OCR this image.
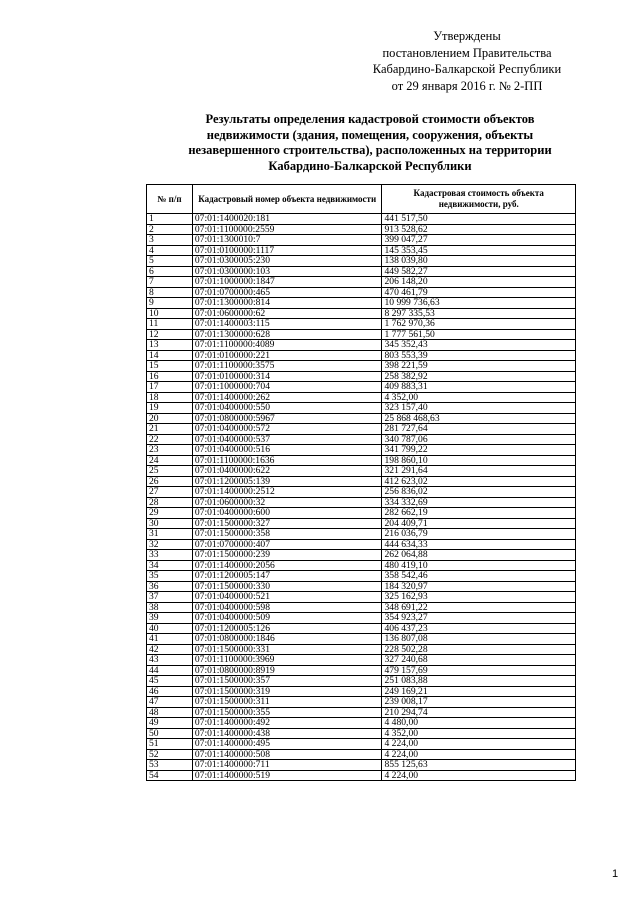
Утверждены
постановлением Правительства
Кабардино-Балкарской Республики
от 29 января 2016 г. № 2-ПП
Результаты определения кадастровой стоимости объектов
недвижимости (здания, помещения, сооружения, объекты
незавершенного строительства), расположенных на территории
Кабардино-Балкарской Республики
№ п/п	Кадастровый номер объекта недвижимости	Кадастровая стоимость объекта недвижимости, руб.
1	07:01:1400020:181	441 517,50
2	07:01:1100000:2559	913 528,62
3	07:01:1300010:7	399 047,27
4	07:01:0100000:1117	145 353,45
5	07:01:0300005:230	138 039,80
6	07:01:0300000:103	449 582,27
7	07:01:1000000:1847	206 148,20
8	07:01:0700000:465	470 461,79
9	07:01:1300000:814	10 999 736,63
10	07:01:0600000:62	8 297 335,53
11	07:01:1400003:115	1 762 970,36
12	07:01:1300000:628	1 777 561,50
13	07:01:1100000:4089	345 352,43
14	07:01:0100000:221	803 553,39
15	07:01:1100000:3575	398 221,59
16	07:01:0100000:314	258 382,92
17	07:01:1000000:704	409 883,31
18	07:01:1400000:262	4 352,00
19	07:01:0400000:550	323 157,40
20	07:01:0800000:5967	25 868 468,63
21	07:01:0400000:572	281 727,64
22	07:01:0400000:537	340 787,06
23	07:01:0400000:516	341 799,22
24	07:01:1100000:1636	198 860,10
25	07:01:0400000:622	321 291,64
26	07:01:1200005:139	412 623,02
27	07:01:1400000:2512	256 836,02
28	07:01:0600000:32	334 332,69
29	07:01:0400000:600	282 662,19
30	07:01:1500000:327	204 409,71
31	07:01:1500000:358	216 036,79
32	07:01:0700000:407	444 634,33
33	07:01:1500000:239	262 064,88
34	07:01:1400000:2056	480 419,10
35	07:01:1200005:147	358 542,46
36	07:01:1500000:330	184 320,97
37	07:01:0400000:521	325 162,93
38	07:01:0400000:598	348 691,22
39	07:01:0400000:509	354 923,27
40	07:01:1200005:126	406 437,23
41	07:01:0800000:1846	136 807,08
42	07:01:1500000:331	228 502,28
43	07:01:1100000:3969	327 240,68
44	07:01:0800000:8919	479 157,69
45	07:01:1500000:357	251 083,88
46	07:01:1500000:319	249 169,21
47	07:01:1500000:311	239 008,17
48	07:01:1500000:355	210 294,74
49	07:01:1400000:492	4 480,00
50	07:01:1400000:438	4 352,00
51	07:01:1400000:495	4 224,00
52	07:01:1400000:508	4 224,00
53	07:01:1400000:711	855 125,63
54	07:01:1400000:519	4 224,00
1
